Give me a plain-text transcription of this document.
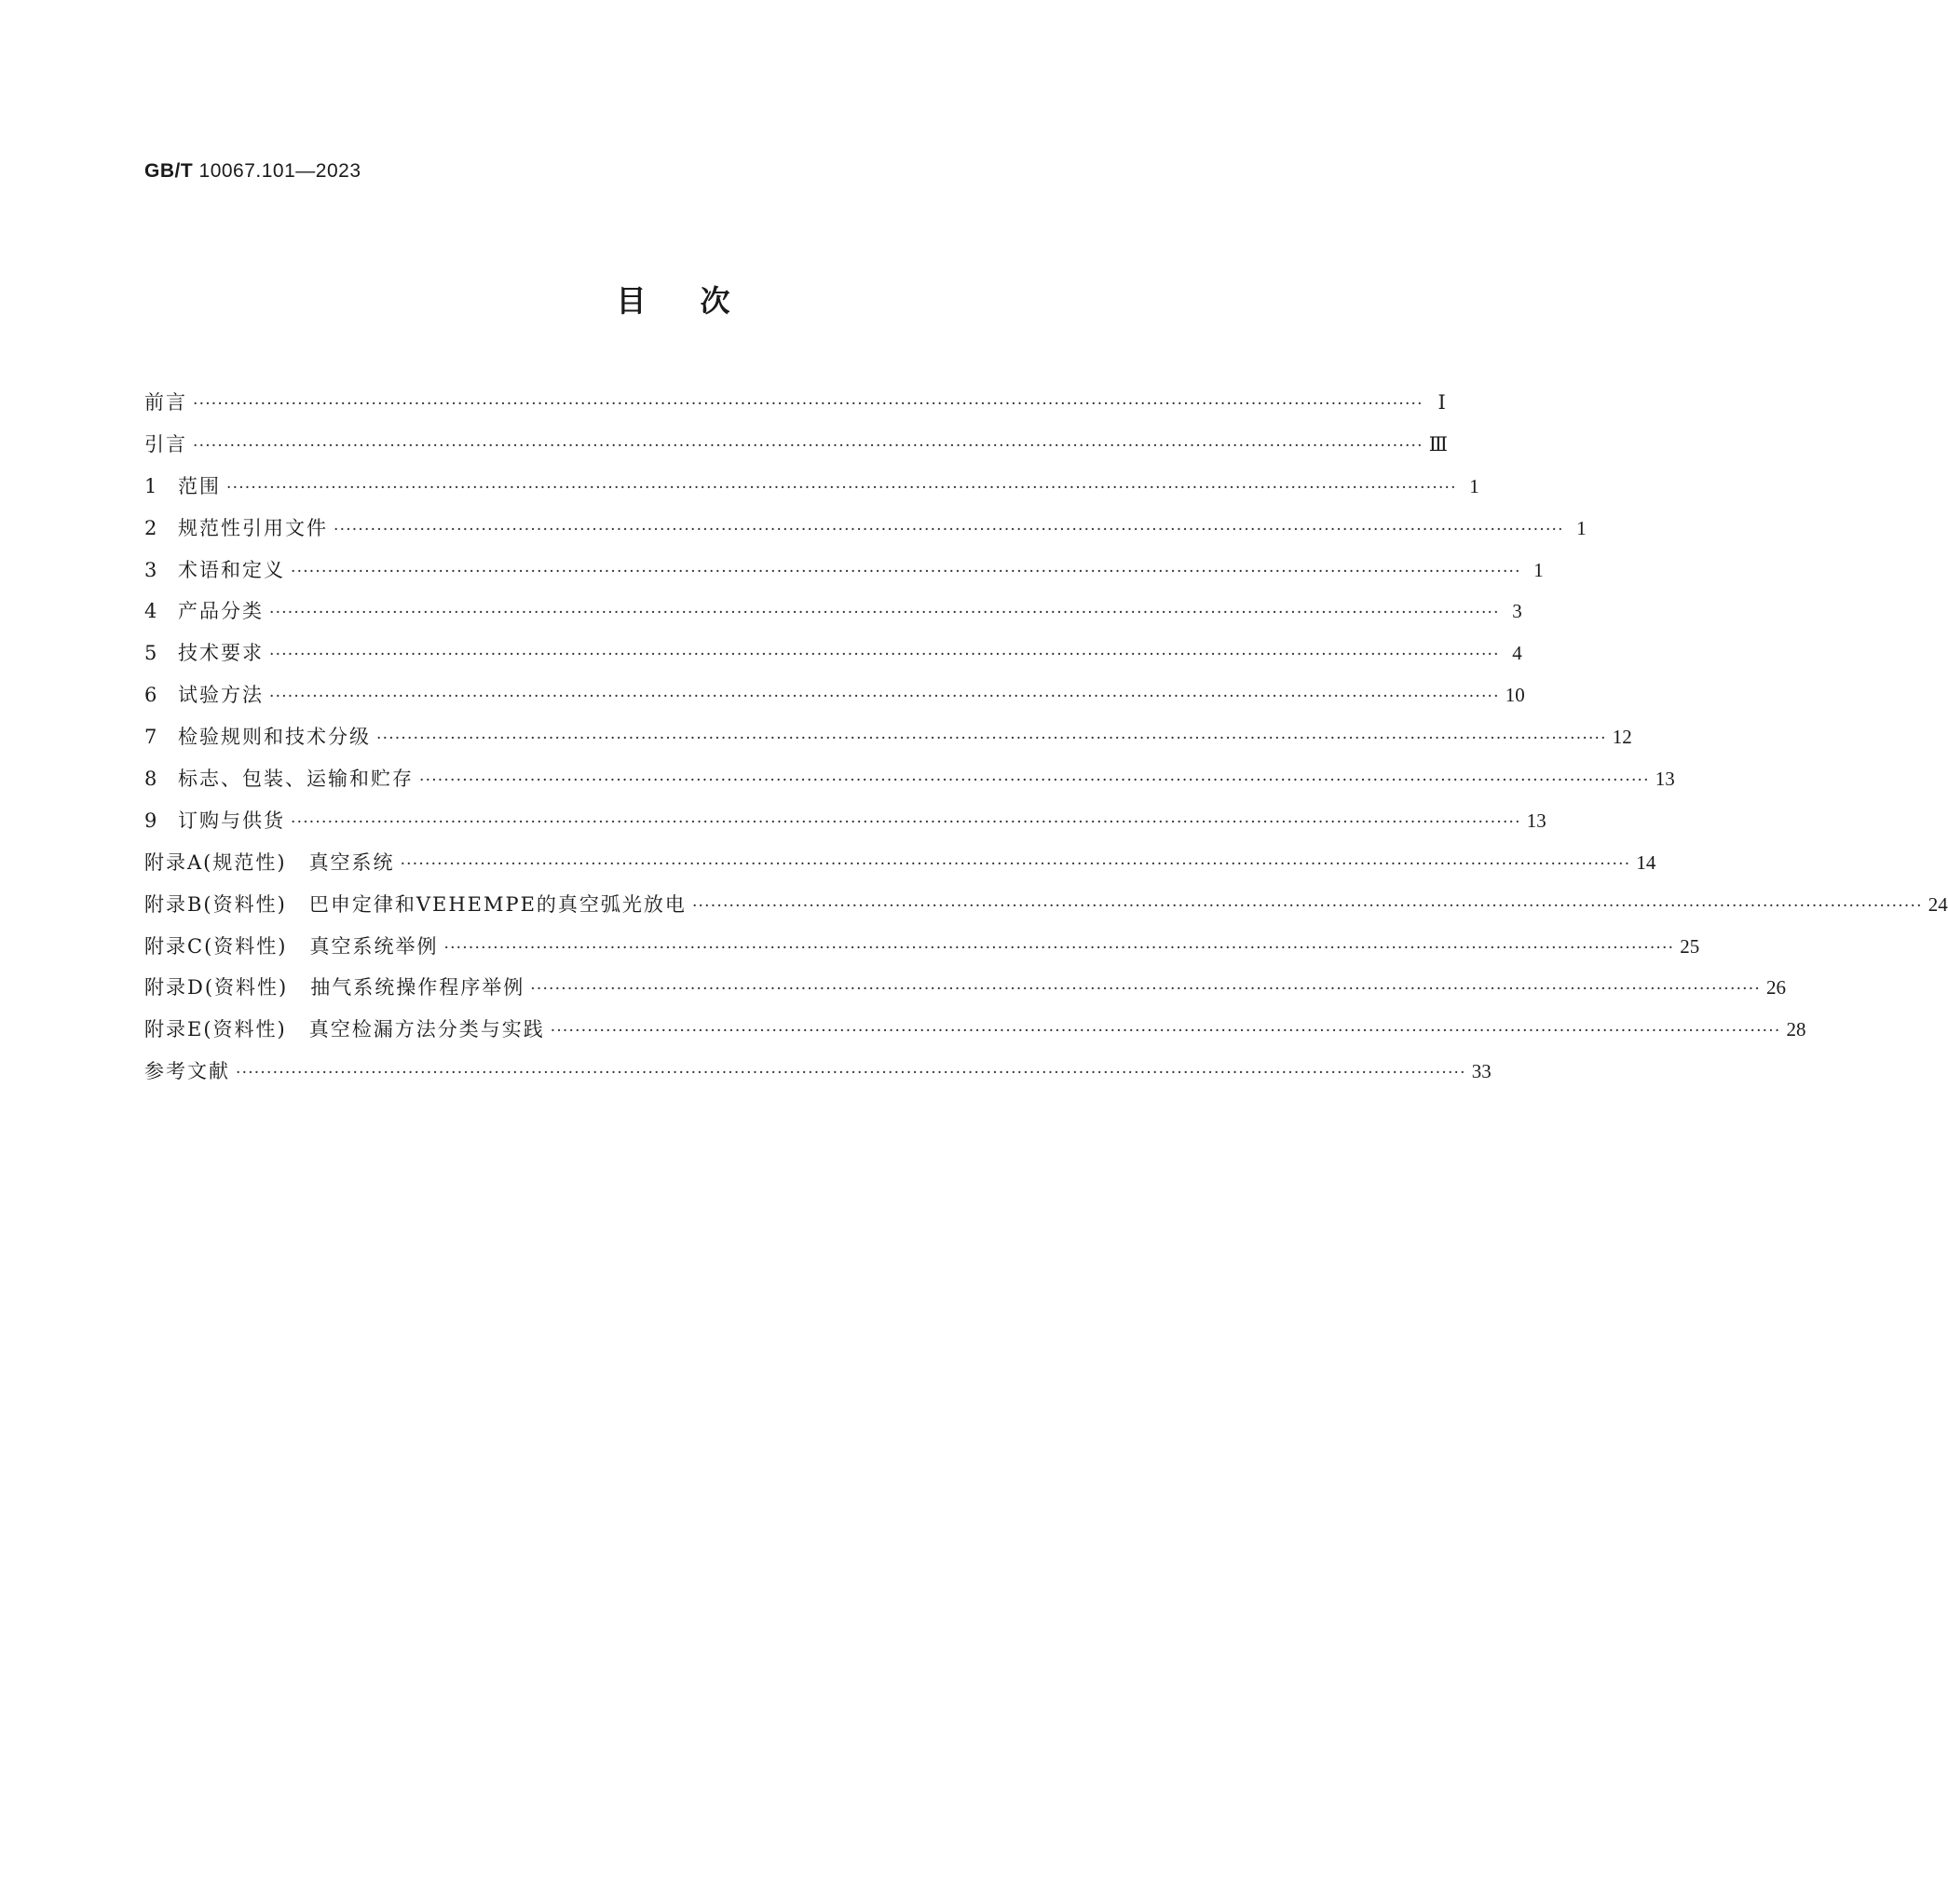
GB/T 10067.101—2023
目次
前言 ········································································································································································································ Ⅰ
引言 ········································································································································································································ Ⅲ
1	范围 ········································································································································································································ 1
2	规范性引用文件 ········································································································································································································ 1
3	术语和定义 ········································································································································································································ 1
4	产品分类 ········································································································································································································ 3
5	技术要求 ········································································································································································································ 4
6	试验方法 ········································································································································································································ 10
7	检验规则和技术分级 ········································································································································································································ 12
8	标志、包装、运输和贮存 ········································································································································································································ 13
9	订购与供货 ········································································································································································································ 13
附录A(规范性) 真空系统 ········································································································································································································ 14
附录B(资料性) 巴申定律和VEHEMPE的真空弧光放电 ········································································································································································································ 24
附录C(资料性) 真空系统举例 ········································································································································································································ 25
附录D(资料性) 抽气系统操作程序举例 ········································································································································································································ 26
附录E(资料性) 真空检漏方法分类与实践 ········································································································································································································ 28
参考文献 ········································································································································································································ 33
